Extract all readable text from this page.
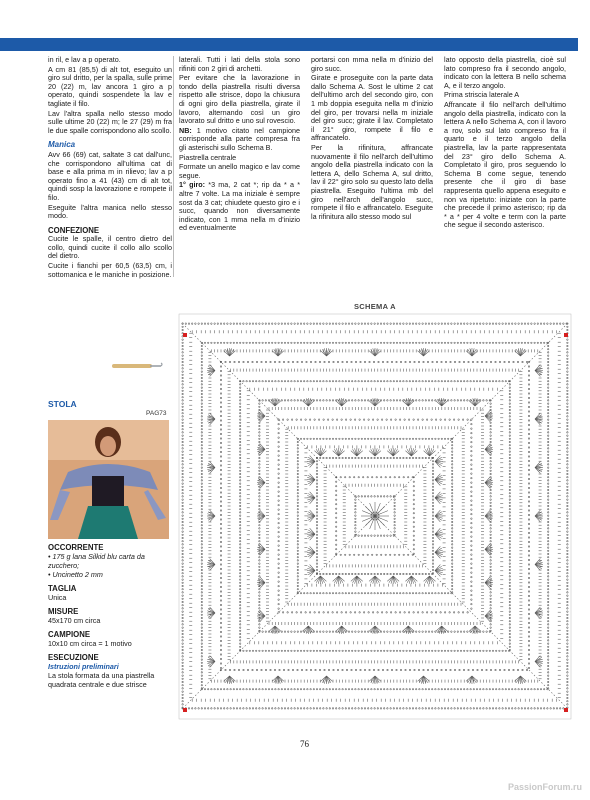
in ril, e lav a p operato.

A cm 81 (85,5) di alt tot, eseguito un giro sul dritto, per la spalla, sulle prime 20 (22) m, lav ancora 1 giro a p operato, quindi sospendete la lav e tagliate il filo.

Lav l'altra spalla nello stesso modo sulle ultime 20 (22) m; le 27 (29) m fra le due spalle corrispondono allo scollo.

Manica

Avv 66 (69) cat, saltate 3 cat dall'unc, che corrispondono all'ultima cat di base e alla prima m in rilievo; lav a p operato fino a 41 (43) cm di alt tot, quindi sosp la lavorazione e rompete il filo.

Eseguite l'altra manica nello stesso modo.

CONFEZIONE

Cucite le spalle, il centro dietro del collo, quindi cucite il collo allo scollo del dietro.

Cucite i fianchi per 60,5 (63,5) cm, i sottomanica e le maniche in posizione.

laterali. Tutti i lati della stola sono rifiniti con 2 giri di archetti.

Per evitare che la lavorazione in tondo della piastrella risulti diversa rispetto alle strisce, dopo la chiusura di ogni giro della piastrella, girate il lavoro, alternando così un giro lavorato sul dritto e uno sul rovescio.

NB: 1 motivo citato nel campione corrisponde alla parte compresa fra gli asterischi sullo Schema B.

Piastrella centrale

Formate un anello magico e lav come segue.

1° giro: *3 ma, 2 cat *; rip da * a * altre 7 volte. La ma iniziale è sempre sost da 3 cat; chiudete questo giro e i succ, quando non diversamente indicato, con 1 mma nella m d'inizio ed eventualmente

portarsi con mma nella m d'inizio del giro succ.

Girate e proseguite con la parte data dallo Schema A. Sost le ultime 2 cat dell'ultimo arch del secondo giro, con 1 mb doppia eseguita nella m d'inizio del giro, per trovarsi nella m iniziale del giro succ; girate il lav. Completato il 21° giro, rompete il filo e affrancatelo.

Per la rifinitura, affrancate nuovamente il filo nell'arch dell'ultimo angolo della piastrella indicato con la lettera A, dello Schema A, sul dritto, lav il 22° giro solo su questo lato della piastrella. Eseguito l'ultima mb del giro nell'arch dell'angolo succ, rompete il filo e affrancatelo. Eseguite la rifinitura allo stesso modo sul

lato opposto della piastrella, cioè sul lato compreso fra il secondo angolo, indicato con la lettera B nello schema A, e il terzo angolo.

Prima striscia laterale A

Affrancate il filo nell'arch dell'ultimo angolo della piastrella, indicato con la lettera A nello Schema A, con il lavoro a rov, solo sul lato compreso fra il quarto e il terzo angolo della piastrella, lav la parte rappresentata del 23° giro dello Schema A. Completato il giro, pros seguendo lo Schema B come segue, tenendo presente che il giro di base rappresenta quello appena eseguito e non va ripetuto: iniziate con la parte che precede il primo asterisco; rip da * a * per 4 volte e term con la parte che segue il secondo asterisco.

STOLA
PAG73
OCCORRENTE
• 175 g lana Silkid blu carta da zucchero;
• Uncinetto 2 mm
TAGLIA
Unica
MISURE
45x170 cm circa
CAMPIONE
10x10 cm circa = 1 motivo
ESECUZIONE
Istruzioni preliminari
La stola formata da una piastrella quadrata centrale e due strisce
SCHEMA A
76
PassionForum.ru
